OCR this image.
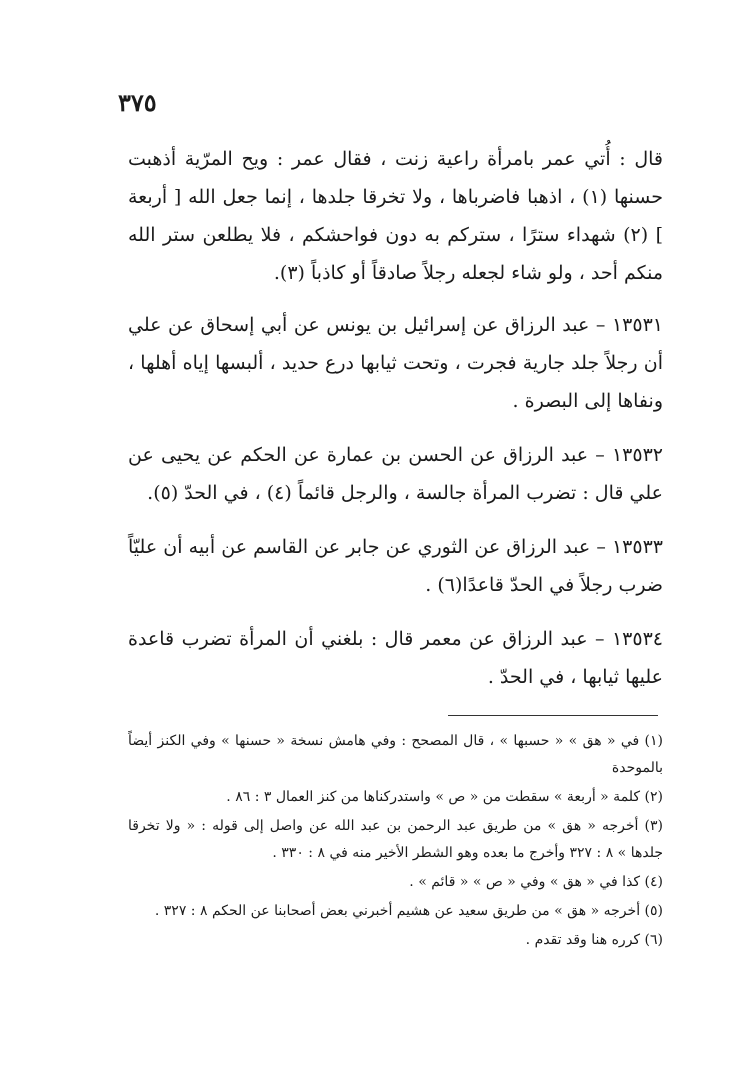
٣٧٥

قال : أُتي عمر بامرأة راعية زنت ، فقال عمر : ويح المرّية أذهبت حسنها (١) ، اذهبا فاضرباها ، ولا تخرقا جلدها ، إنما جعل الله [ أربعة ] (٢) شهداء سترًا ، ستركم به دون فواحشكم ، فلا يطلعن ستر الله منكم أحد ، ولو شاء لجعله رجلاً صادقاً أو كاذباً (٣).

١٣٥٣١ – عبد الرزاق عن إسرائيل بن يونس عن أبي إسحاق عن علي أن رجلاً جلد جارية فجرت ، وتحت ثيابها درع حديد ، ألبسها إياه أهلها ، ونفاها إلى البصرة .

١٣٥٣٢ – عبد الرزاق عن الحسن بن عمارة عن الحكم عن يحيى عن علي قال : تضرب المرأة جالسة ، والرجل قائماً (٤) ، في الحدّ (٥).

١٣٥٣٣ – عبد الرزاق عن الثوري عن جابر عن القاسم عن أبيه أن عليّاً ضرب رجلاً في الحدّ قاعدًا(٦) .

١٣٥٣٤ – عبد الرزاق عن معمر قال : بلغني أن المرأة تضرب قاعدة عليها ثيابها ، في الحدّ .

(١) في « هق » « حسبها » ، قال المصحح : وفي هامش نسخة « حسنها » وفي الكنز أيضاً بالموحدة

(٢) كلمة « أربعة » سقطت من « ص » واستدركناها من كنز العمال ٣ : ٨٦ .

(٣) أخرجه « هق » من طريق عبد الرحمن بن عبد الله عن واصل إلى قوله : « ولا تخرقا جلدها » ٨ : ٣٢٧ وأخرج ما بعده وهو الشطر الأخير منه في ٨ : ٣٣٠ .

(٤) كذا في « هق » وفي « ص » « قائم » .

(٥) أخرجه « هق » من طريق سعيد عن هشيم أخبرني بعض أصحابنا عن الحكم ٨ : ٣٢٧ .

(٦) كرره هنا وقد تقدم .
